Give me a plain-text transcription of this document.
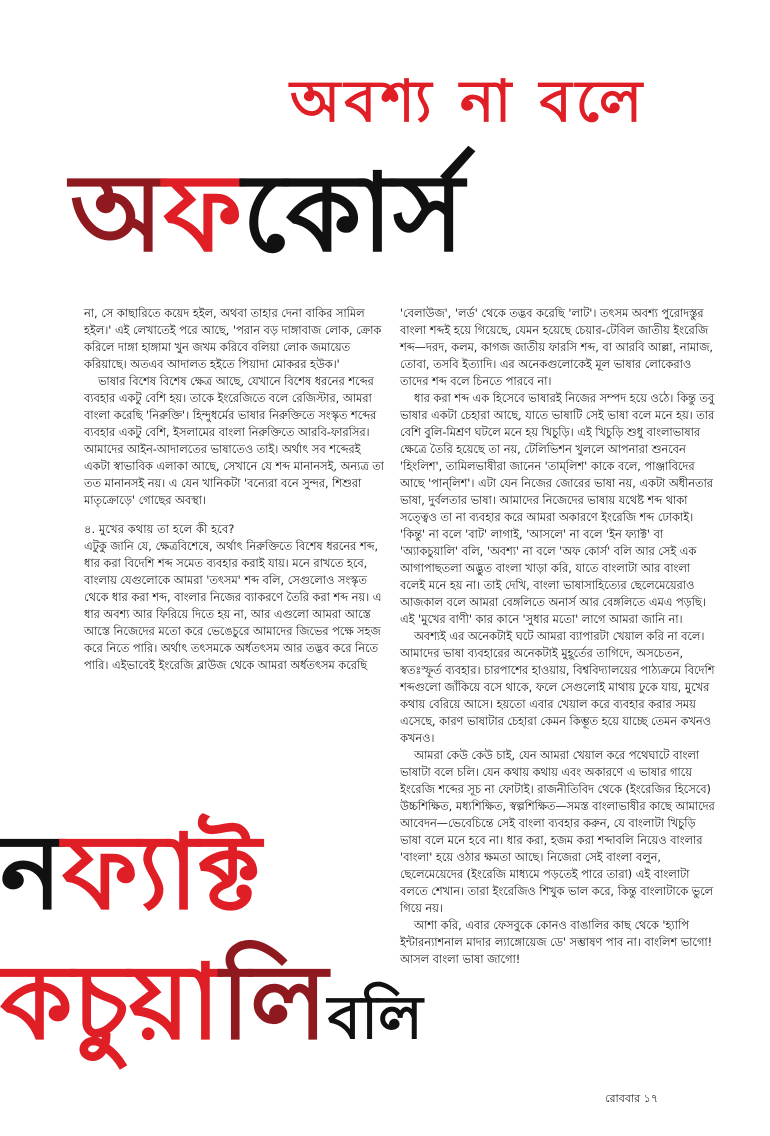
অবশ্য না বলে
অফকোর্স

না, সে কাছারিতে কয়েদ হইল, অথবা তাহার দেনা বাকির সামিল হইল।' এই লেখাতেই পরে আছে, 'পরান বড় দাঙ্গাবাজ লোক, ক্রোক করিলে দাঙ্গা হাঙ্গামা খুন জখম করিবে বলিয়া লোক জমায়েত করিয়াছে। অতএব আদালত হইতে পিয়াদা মোকরর হউক।'

ভাষার বিশেষ বিশেষ ক্ষেত্র আছে, যেখানে বিশেষ ধরনের শব্দের ব্যবহার একটু বেশি হয়। তাকে ইংরেজিতে বলে রেজিস্টার, আমরা বাংলা করেছি 'নিরুক্তি'। হিন্দুধর্মের ভাষার নিরুক্তিতে সংস্কৃত শব্দের ব্যবহার একটু বেশি, ইসলামের বাংলা নিরুক্তিতে আরবি-ফারসির। আমাদের আইন-আদালতের ভাষাতেও তাই। অর্থাৎ সব শব্দেরই একটা স্বাভাবিক এলাকা আছে, সেখানে যে শব্দ মানানসই, অন্যত্র তা তত মানানসই নয়। এ যেন খানিকটা 'বন্যেরা বনে সুন্দর, শিশুরা মাতৃক্রোড়ে' গোছের অবস্থা।

৪. মুখের কথায় তা হলে কী হবে?

এটুকু জানি যে, ক্ষেত্রবিশেষে, অর্থাৎ নিরুক্তিতে বিশেষ ধরনের শব্দ, ধার করা বিদেশি শব্দ সমেত ব্যবহার করাই যায়। মনে রাখতে হবে, বাংলায় যেগুলোকে আমরা 'তৎসম' শব্দ বলি, সেগুলোও সংস্কৃত থেকে ধার করা শব্দ, বাংলার নিজের ব্যাকরণে তৈরি করা শব্দ নয়। এ ধার অবশ্য আর ফিরিয়ে দিতে হয় না, আর এগুলো আমরা আস্তে আস্তে নিজেদের মতো করে ভেঙেচুরে আমাদের জিভের পক্ষে সহজ করে নিতে পারি। অর্থাৎ তৎসমকে অর্ধতৎসম আর তদ্ভব করে নিতে পারি। এইভাবেই ইংরেজি ব্লাউজ থেকে আমরা অর্ধতৎসম করেছি

'বেলাউজ', 'লর্ড' থেকে তদ্ভব করেছি 'লাট'। তৎসম অবশ্য পুরোদস্তুর বাংলা শব্দই হয়ে গিয়েছে, যেমন হয়েছে চেয়ার-টেবিল জাতীয় ইংরেজি শব্দ—দরদ, কলম, কাগজ জাতীয় ফারসি শব্দ, বা আরবি আল্লা, নামাজ, তোবা, তসবি ইত্যাদি। এর অনেকগুলোকেই মূল ভাষার লোকেরাও তাদের শব্দ বলে চিনতে পারবে না।

ধার করা শব্দ এক হিসেবে ভাষারই নিজের সম্পদ হয়ে ওঠে। কিন্তু তবু ভাষার একটা চেহারা আছে, যাতে ভাষাটি সেই ভাষা বলে মনে হয়। তার বেশি বুলি-মিশ্রণ ঘটলে মনে হয় খিচুড়ি। এই খিচুড়ি শুধু বাংলাভাষার ক্ষেত্রে তৈরি হয়েছে তা নয়, টেলিভিশন খুললে আপনারা শুনবেন 'হিংলিশ', তামিলভাষীরা জানেন 'তাম্‌লিশ' কাকে বলে, পাঞ্জাবিদের আছে 'পান্‌লিশ'। এটা যেন নিজের জোরের ভাষা নয়, একটা অধীনতার ভাষা, দুর্বলতার ভাষা। আমাদের নিজেদের ভাষায় যথেষ্ট শব্দ থাকা সত্ত্বেও তা না ব্যবহার করে আমরা অকারণে ইংরেজি শব্দ ঢোকাই। 'কিন্তু' না বলে 'বাট' লাগাই, 'আসলে' না বলে 'ইন ফ্যাক্ট' বা 'অ্যাকচুয়ালি' বলি, 'অবশ্য' না বলে 'অফ কোর্স' বলি আর সেই এক আগাপাছতলা অদ্ভুত বাংলা খাড়া করি, যাতে বাংলাটা আর বাংলা বলেই মনে হয় না। তাই দেখি, বাংলা ভাষাসাহিত্যের ছেলেমেয়েরাও আজকাল বলে আমরা বেঙ্গলিতে অনার্স আর বেঙ্গলিতে এমএ পড়ছি। এই 'মুখের বাণী' কার কানে 'সুধার মতো' লাগে আমরা জানি না।

অবশ্যই এর অনেকটাই ঘটে আমরা ব্যাপারটা খেয়াল করি না বলে। আমাদের ভাষা ব্যবহারের অনেকটাই মুহূর্তের তাগিদে, অসচেতন, স্বতঃস্ফূর্ত ব্যবহার। চারপাশের হাওয়ায়, বিশ্ববিদ্যালয়ের পাঠ্যক্রমে বিদেশি শব্দগুলো জাঁকিয়ে বসে থাকে, ফলে সেগুলোই মাথায় ঢুকে যায়, মুখের কথায় বেরিয়ে আসে। হয়তো এবার খেয়াল করে ব্যবহার করার সময় এসেছে, কারণ ভাষাটার চেহারা কেমন কিম্ভূত হয়ে যাচ্ছে তেমন কখনও কখনও।

আমরা কেউ কেউ চাই, যেন আমরা খেয়াল করে পথেঘাটে বাংলা ভাষাটা বলে চলি। যেন কথায় কথায় এবং অকারণে এ ভাষার গায়ে ইংরেজি শব্দের সূচ না ফোটাই। রাজনীতিবিদ থেকে (ইংরেজির হিসেবে) উচ্চশিক্ষিত, মধ্যশিক্ষিত, স্বল্পশিক্ষিত—সমস্ত বাংলাভাষীর কাছে আমাদের আবেদন—ভেবেচিন্তে সেই বাংলা ব্যবহার করুন, যে বাংলাটা খিচুড়ি ভাষা বলে মনে হবে না। ধার করা, হজম করা শব্দাবলি নিয়েও বাংলার 'বাংলা' হয়ে ওঠার ক্ষমতা আছে। নিজেরা সেই বাংলা বলুন, ছেলেমেয়েদের (ইংরেজি মাধ্যমে পড়তেই পারে তারা) এই বাংলাটা বলতে শেখান। তারা ইংরেজিও শিখুক ভাল করে, কিন্তু বাংলাটাকে ভুলে গিয়ে নয়।

আশা করি, এবার ফেসবুকে কোনও বাঙালির কাছ থেকে 'হ্যাপি ইন্টারন্যাশনাল মাদার ল্যাঙ্গোয়েজ ডে' সম্ভাষণ পাব না। বাংলিশ ভাগো! আসল বাংলা ভাষা জাগো!

নফ্যাক্ট
কচুয়ালিবলি
রোববার ১৭
